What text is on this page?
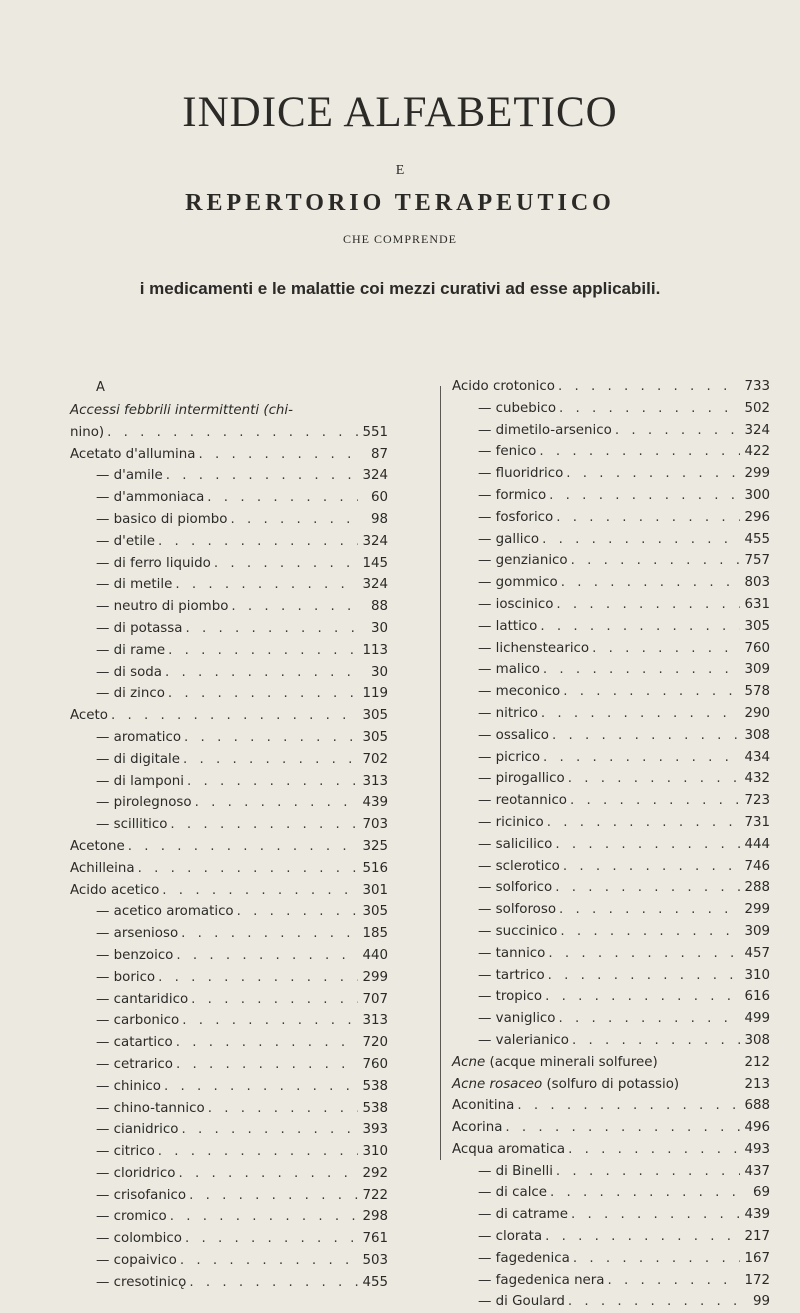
INDICE ALFABETICO
E
REPERTORIO TERAPEUTICO
CHE COMPRENDE
i medicamenti e le malattie coi mezzi curativi ad esse applicabili.
A
Accessi febbrili intermittenti (chi-
nino) . . .	551
Acetato d'allumina . . .	87
— d'amile . . .	324
— d'ammoniaca . . .	60
— basico di piombo . . .	98
— d'etile . . .	324
— di ferro liquido . . .	145
— di metile . . .	324
— neutro di piombo . . .	88
— di potassa . . .	30
— di rame . . .	113
— di soda . . .	30
— di zinco . . .	119
Aceto . . .	305
— aromatico . . .	305
— di digitale . . .	702
— di lamponi . . .	313
— pirolegnoso . . .	439
— scillitico . . .	703
Acetone . . .	325
Achilleina . . .	516
Acido acetico . . .	301
— acetico aromatico . . .	305
— arsenioso . . .	185
— benzoico . . .	440
— borico . . .	299
— cantaridico . . .	707
— carbonico . . .	313
— catartico . . .	720
— cetrarico . . .	760
— chinico . . .	538
— chino-tannico . . .	538
— cianidrico . . .	393
— citrico . . .	310
— cloridrico . . .	292
— crisofanico . . .	722
— cromico . . .	298
— colombico . . .	761
— copaivico . . .	503
— cresotinicǫ . . .	455
Acido crotonico . . .	733
— cubebico . . .	502
— dimetilo-arsenico . . .	324
— fenico . . .	422
— fluoridrico . . .	299
— formico . . .	300
— fosforico . . .	296
— gallico . . .	455
— genzianico . . .	757
— gommico . . .	803
— ioscinico . . .	631
— lattico . . .	305
— lichenstearico . . .	760
— malico . . .	309
— meconico . . .	578
— nitrico . . .	290
— ossalico . . .	308
— picrico . . .	434
— pirogallico . . .	432
— reotannico . . .	723
— ricinico . . .	731
— salicilico . . .	444
— sclerotico . . .	746
— solforico . . .	288
— solforoso . . .	299
— succinico . . .	309
— tannico . . .	457
— tartrico . . .	310
— tropico . . .	616
— vaniglico . . .	499
— valerianico . . .	308
Acne (acque minerali solfuree)	212
Acne rosaceo (solfuro di potassio)	213
Aconitina . . .	688
Acorina . . .	496
Acqua aromatica . . .	493
— di Binelli . . .	437
— di calce . . .	69
— di catrame . . .	439
— clorata . . .	217
— fagedenica . . .	167
— fagedenica nera . . .	172
— di Goulard . . .	99
